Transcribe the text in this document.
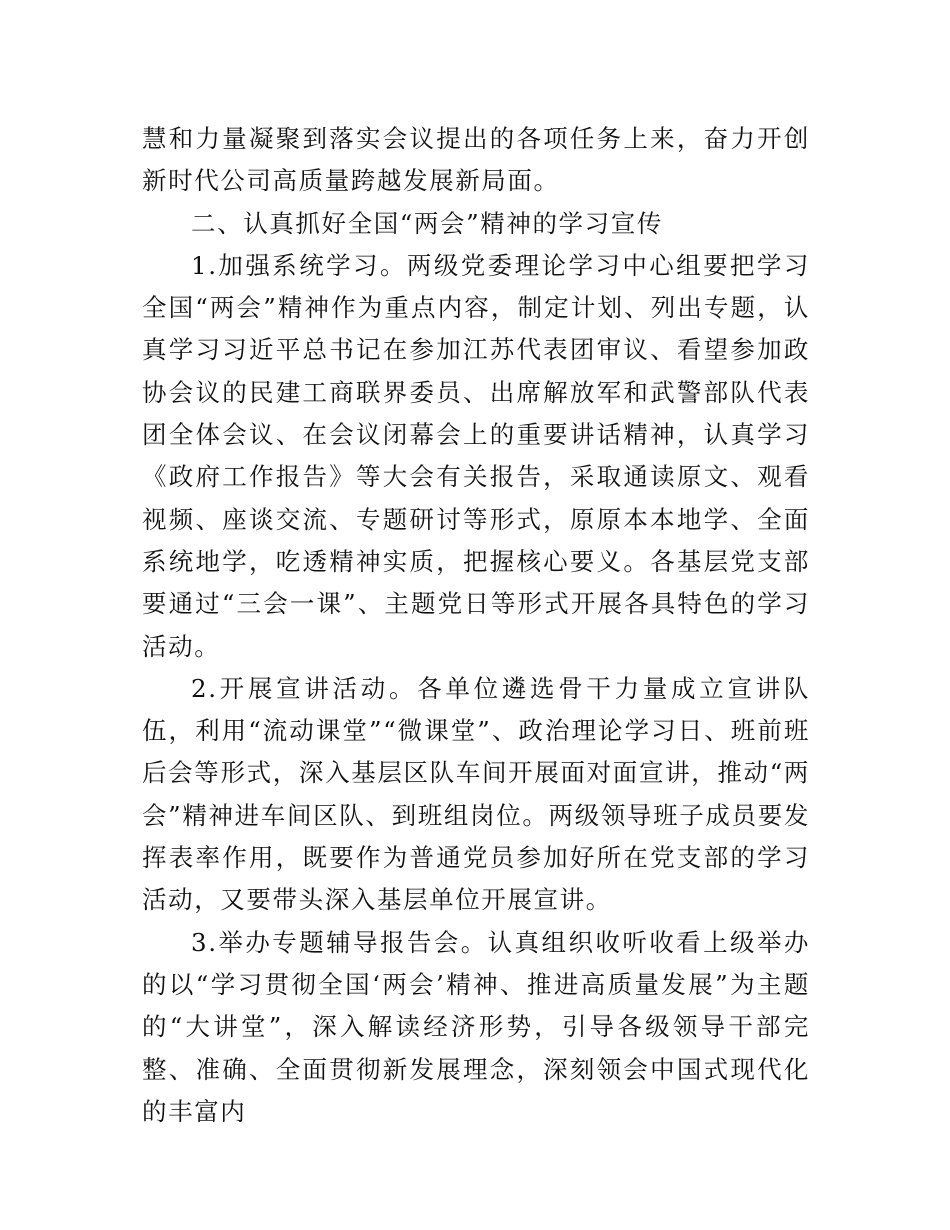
慧和力量凝聚到落实会议提出的各项任务上来，奋力开创新时代公司高质量跨越发展新局面。

二、认真抓好全国“两会”精神的学习宣传

1.加强系统学习。两级党委理论学习中心组要把学习全国“两会”精神作为重点内容，制定计划、列出专题，认真学习习近平总书记在参加江苏代表团审议、看望参加政协会议的民建工商联界委员、出席解放军和武警部队代表团全体会议、在会议闭幕会上的重要讲话精神，认真学习《政府工作报告》等大会有关报告，采取通读原文、观看视频、座谈交流、专题研讨等形式，原原本本地学、全面系统地学，吃透精神实质，把握核心要义。各基层党支部要通过“三会一课”、主题党日等形式开展各具特色的学习活动。

2.开展宣讲活动。各单位遴选骨干力量成立宣讲队伍，利用“流动课堂”“微课堂”、政治理论学习日、班前班后会等形式，深入基层区队车间开展面对面宣讲，推动“两会”精神进车间区队、到班组岗位。两级领导班子成员要发挥表率作用，既要作为普通党员参加好所在党支部的学习活动，又要带头深入基层单位开展宣讲。

3.举办专题辅导报告会。认真组织收听收看上级举办的以“学习贯彻全国‘两会’精神、推进高质量发展”为主题的“大讲堂”，深入解读经济形势，引导各级领导干部完整、准确、全面贯彻新发展理念，深刻领会中国式现代化的丰富内
